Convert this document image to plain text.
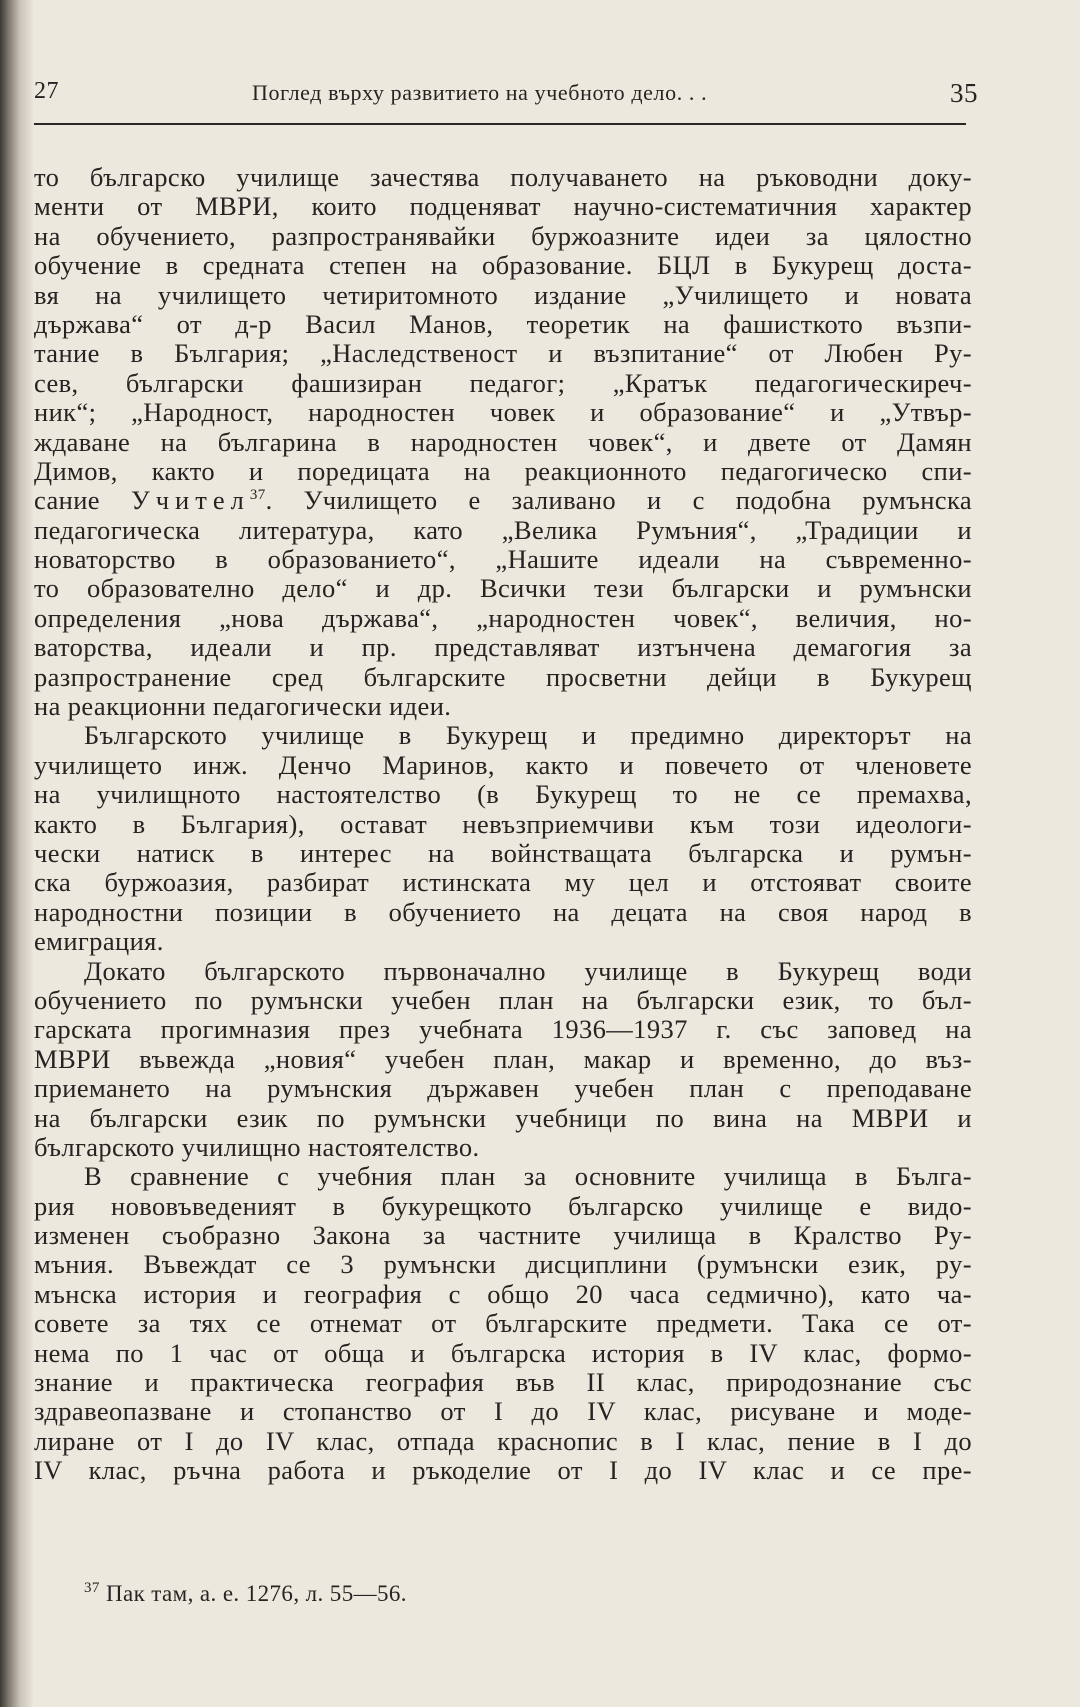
27	Поглед върху развитието на учебното дело. . .	35
то българско училище зачестява получаването на ръководни доку-
менти от МВРИ, които подценяват научно-систематичния характер
на обучението, разпространявайки буржоазните идеи за цялостно
обучение в средната степен на образование. БЦЛ в Букурещ доста-
вя на училището четиритомното издание „Училището и новата
държава“ от д-р Васил Манов, теоретик на фашисткото възпи-
тание в България; „Наследственост и възпитание“ от Любен Ру-
сев, български фашизиран педагог; „Кратък педагогическиреч-
ник“; „Народност, народностен човек и образование“ и „Утвър-
ждаване на българина в народностен човек“, и двете от Дамян
Димов, както и поредицата на реакционното педагогическо спи-
сание Учител$^{37}$. Училището е заливано и с подобна румънска
педагогическа литература, като „Велика Румъния“, „Традиции и
новаторство в образованието“, „Нашите идеали на съвременно-
то образователно дело“ и др. Всички тези български и румънски
определения „нова държава“, „народностен човек“, величия, но-
ваторства, идеали и пр. представляват изтънчена демагогия за
разпространение сред българските просветни дейци в Букурещ
на реакционни педагогически идеи.
Българското училище в Букурещ и предимно директорът на
училището инж. Денчо Маринов, както и повечето от членовете
на училищното настоятелство (в Букурещ то не се премахва,
както в България), остават невъзприемчиви към този идеологи-
чески натиск в интерес на войнстващата българска и румън-
ска буржоазия, разбират истинската му цел и отстояват своите
народностни позиции в обучението на децата на своя народ в
емиграция.
Докато българското първоначално училище в Букурещ води
обучението по румънски учебен план на български език, то бъл-
гарската прогимназия през учебната 1936—1937 г. със заповед на
МВРИ въвежда „новия“ учебен план, макар и временно, до въз-
приемането на румънския държавен учебен план с преподаване
на български език по румънски учебници по вина на МВРИ и
българското училищно настоятелство.
В сравнение с учебния план за основните училища в Бълга-
рия нововъведеният в букурещкото българско училище е видо-
изменен съобразно Закона за частните училища в Кралство Ру-
мъния. Въвеждат се 3 румънски дисциплини (румънски език, ру-
мънска история и география с общо 20 часа седмично), като ча-
совете за тях се отнемат от българските предмети. Така се от-
нема по 1 час от обща и българска история в IV клас, формо-
знание и практическа география във II клас, природознание със
здравеопазване и стопанство от I до IV клас, рисуване и моде-
лиране от I до IV клас, отпада краснопис в I клас, пение в I до
IV клас, ръчна работа и ръкоделие от I до IV клас и се пре-
$^{37}$ Пак там, а. е. 1276, л. 55—56.
